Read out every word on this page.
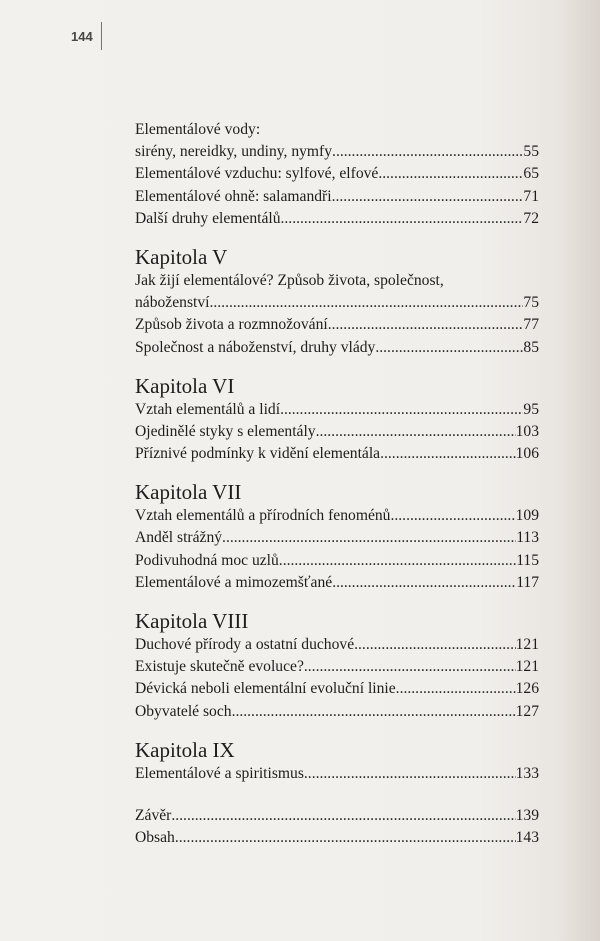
144
Elementálové vody:
sirény, nereidky, undiny, nymfy .....	55
Elementálové vzduchu: sylfové, elfové .....	65
Elementálové ohně: salamandři .....	71
Další druhy elementálů .....	72
Kapitola V
Jak žijí elementálové? Způsob života, společnost,
náboženství .....	75
Způsob života a rozmnožování .....	77
Společnost a náboženství, druhy vlády .....	85
Kapitola VI
Vztah elementálů a lidí .....	95
Ojedinělé styky s elementály .....	103
Příznivé podmínky k vidění elementála .....	106
Kapitola VII
Vztah elementálů a přírodních fenoménů .....	109
Anděl strážný .....	113
Podivuhodná moc uzlů .....	115
Elementálové a mimozemšťané .....	117
Kapitola VIII
Duchové přírody a ostatní duchové .....	121
Existuje skutečně evoluce? .....	121
Dévická neboli elementální evoluční linie .....	126
Obyvatelé soch .....	127
Kapitola IX
Elementálové a spiritismus .....	133
Závěr .....	139
Obsah .....	143
